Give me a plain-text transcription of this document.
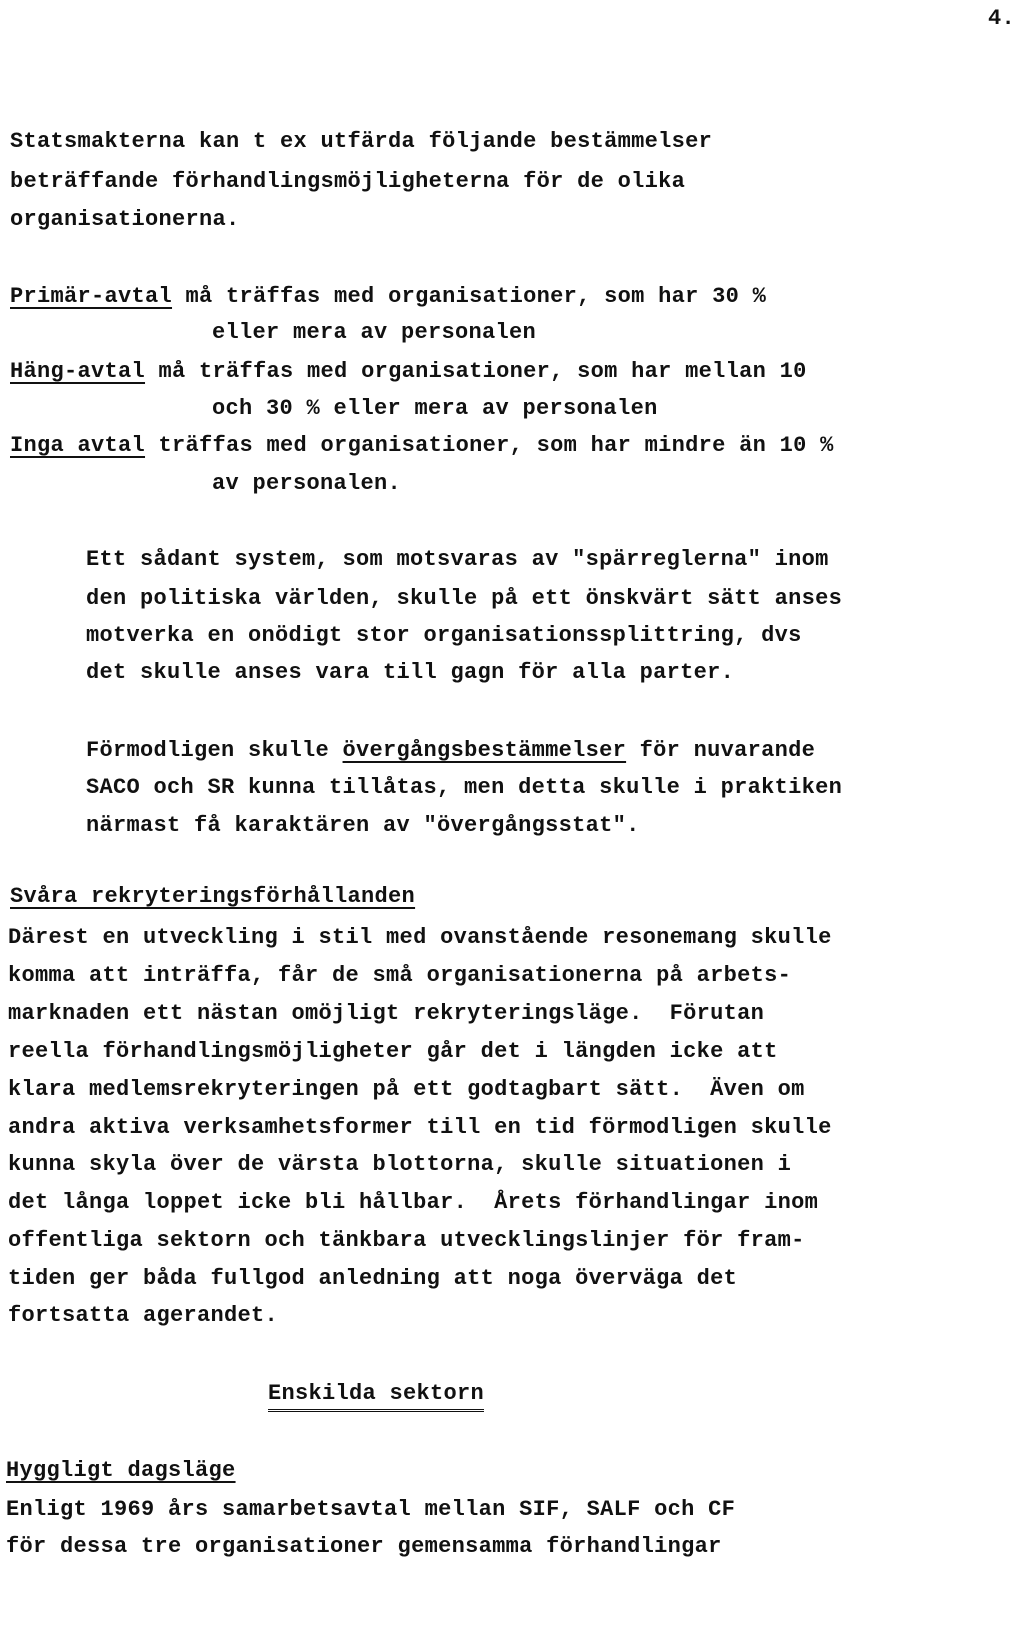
4.
Statsmakterna kan t ex utfärda följande bestämmelser
beträffande förhandlingsmöjligheterna för de olika
organisationerna.
Primär-avtal må träffas med organisationer, som har 30 %
eller mera av personalen
Häng-avtal må träffas med organisationer, som har mellan 10
och 30 % eller mera av personalen
Inga avtal träffas med organisationer, som har mindre än 10 %
av personalen.
Ett sådant system, som motsvaras av "spärreglerna" inom
den politiska världen, skulle på ett önskvärt sätt anses
motverka en onödigt stor organisationssplittring, dvs
det skulle anses vara till gagn för alla parter.
Förmodligen skulle övergångsbestämmelser för nuvarande
SACO och SR kunna tillåtas, men detta skulle i praktiken
närmast få karaktären av "övergångsstat".
Svåra rekryteringsförhållanden
Därest en utveckling i stil med ovanstående resonemang skulle
komma att inträffa, får de små organisationerna på arbets-
marknaden ett nästan omöjligt rekryteringsläge.  Förutan
reella förhandlingsmöjligheter går det i längden icke att
klara medlemsrekryteringen på ett godtagbart sätt.  Även om
andra aktiva verksamhetsformer till en tid förmodligen skulle
kunna skyla över de värsta blottorna, skulle situationen i
det långa loppet icke bli hållbar.  Årets förhandlingar inom
offentliga sektorn och tänkbara utvecklingslinjer för fram-
tiden ger båda fullgod anledning att noga överväga det
fortsatta agerandet.
Enskilda sektorn
Hyggligt dagsläge
Enligt 1969 års samarbetsavtal mellan SIF, SALF och CF
för dessa tre organisationer gemensamma förhandlingar
